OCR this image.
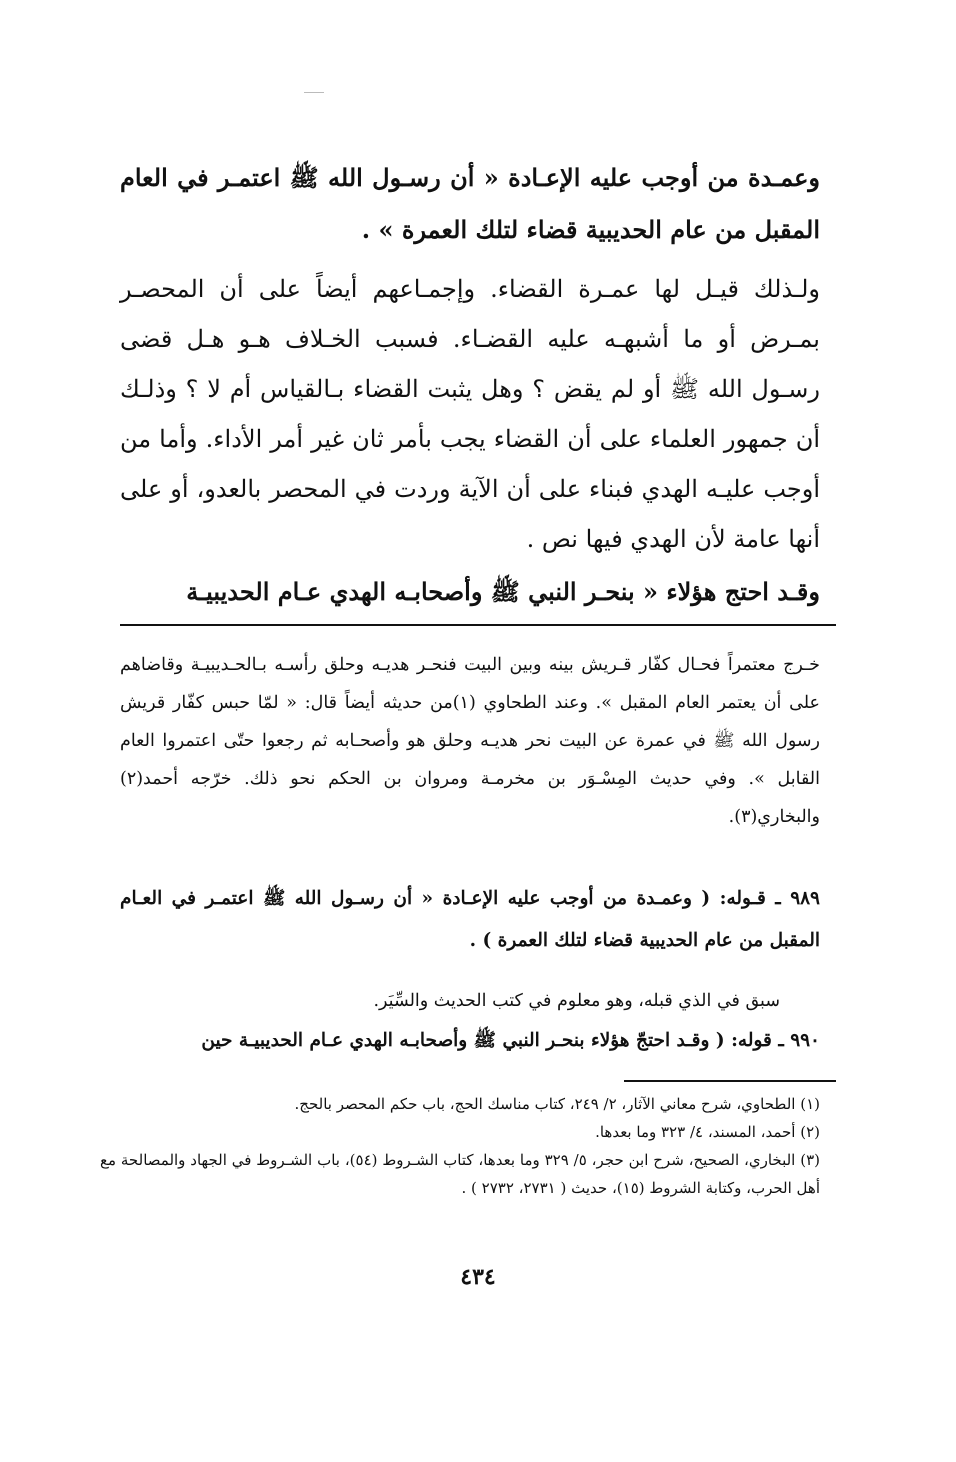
وعمـدة من أوجب عليه الإعـادة « أن رسـول الله ﷺ اعتمـر في العام المقبل من عام الحديبية قضاء لتلك العمرة » .
ولـذلك قيـل لها عمـرة القضاء. وإجمـاعهم أيضاً على أن المحصـر بمـرض أو ما أشبهـه عليه القضـاء. فسبب الخـلاف هـو هـل قضى رسـول الله ﷺ أو لم يقض ؟ وهل يثبت القضاء بـالقياس أم لا ؟ وذلـك أن جمهور العلماء على أن القضاء يجب بأمر ثان غير أمر الأداء. وأما من أوجب عليـه الهدي فبناء على أن الآية وردت في المحصر بالعدو، أو على أنها عامة لأن الهدي فيها نص .
وقـد احتج هؤلاء « بنحـر النبي ﷺ وأصحابـه الهدي عـام الحديبيـة
خـرج معتمراً فحـال كفّار قـريش بينه وبين البيت فنحـر هديـه وحلق رأسـه بـالحـديبيـة وقاضاهم على أن يعتمر العام المقبل ». وعند الطحاوي (١)من حديثه أيضاً قال: « لمّا حبس كفّار قريش رسول الله ﷺ في عمرة عن البيت نحر هديـه وحلق هو وأصحـابه ثم رجعوا حتّى اعتمروا العام القابل ». وفي حديث المِسْـوَر بن مخرمـة ومروان بن الحكم نحو ذلك. خرّجه أحمد(٢) والبخاري(٣).
٩٨٩ ـ قـوله: ( وعمـدة من أوجب عليه الإعـادة « أن رسـول الله ﷺ اعتمـر في العـام المقبل من عام الحديبية قضاء لتلك العمرة ) .
سبق في الذي قبله، وهو معلوم في كتب الحديث والسِّيَر.
٩٩٠ ـ قوله: ( وقـد احتجّ هؤلاء بنحـر النبي ﷺ وأصحابـه الهدي عـام الحديبيـة حين
(١) الطحاوي، شرح معاني الآثار، ٢/ ٢٤٩، كتاب مناسك الحج، باب حكم المحصر بالحج.
(٢) أحمد، المسند، ٤/ ٣٢٣ وما بعدها.
(٣) البخاري، الصحيح، شرح ابن حجر، ٥/ ٣٢٩ وما بعدها، كتاب الشـروط (٥٤)، باب الشـروط في الجهاد والمصالحة مع أهل الحرب، وكتابة الشروط (١٥)، حديث ( ٢٧٣١، ٢٧٣٢ ) .
٤٣٤
